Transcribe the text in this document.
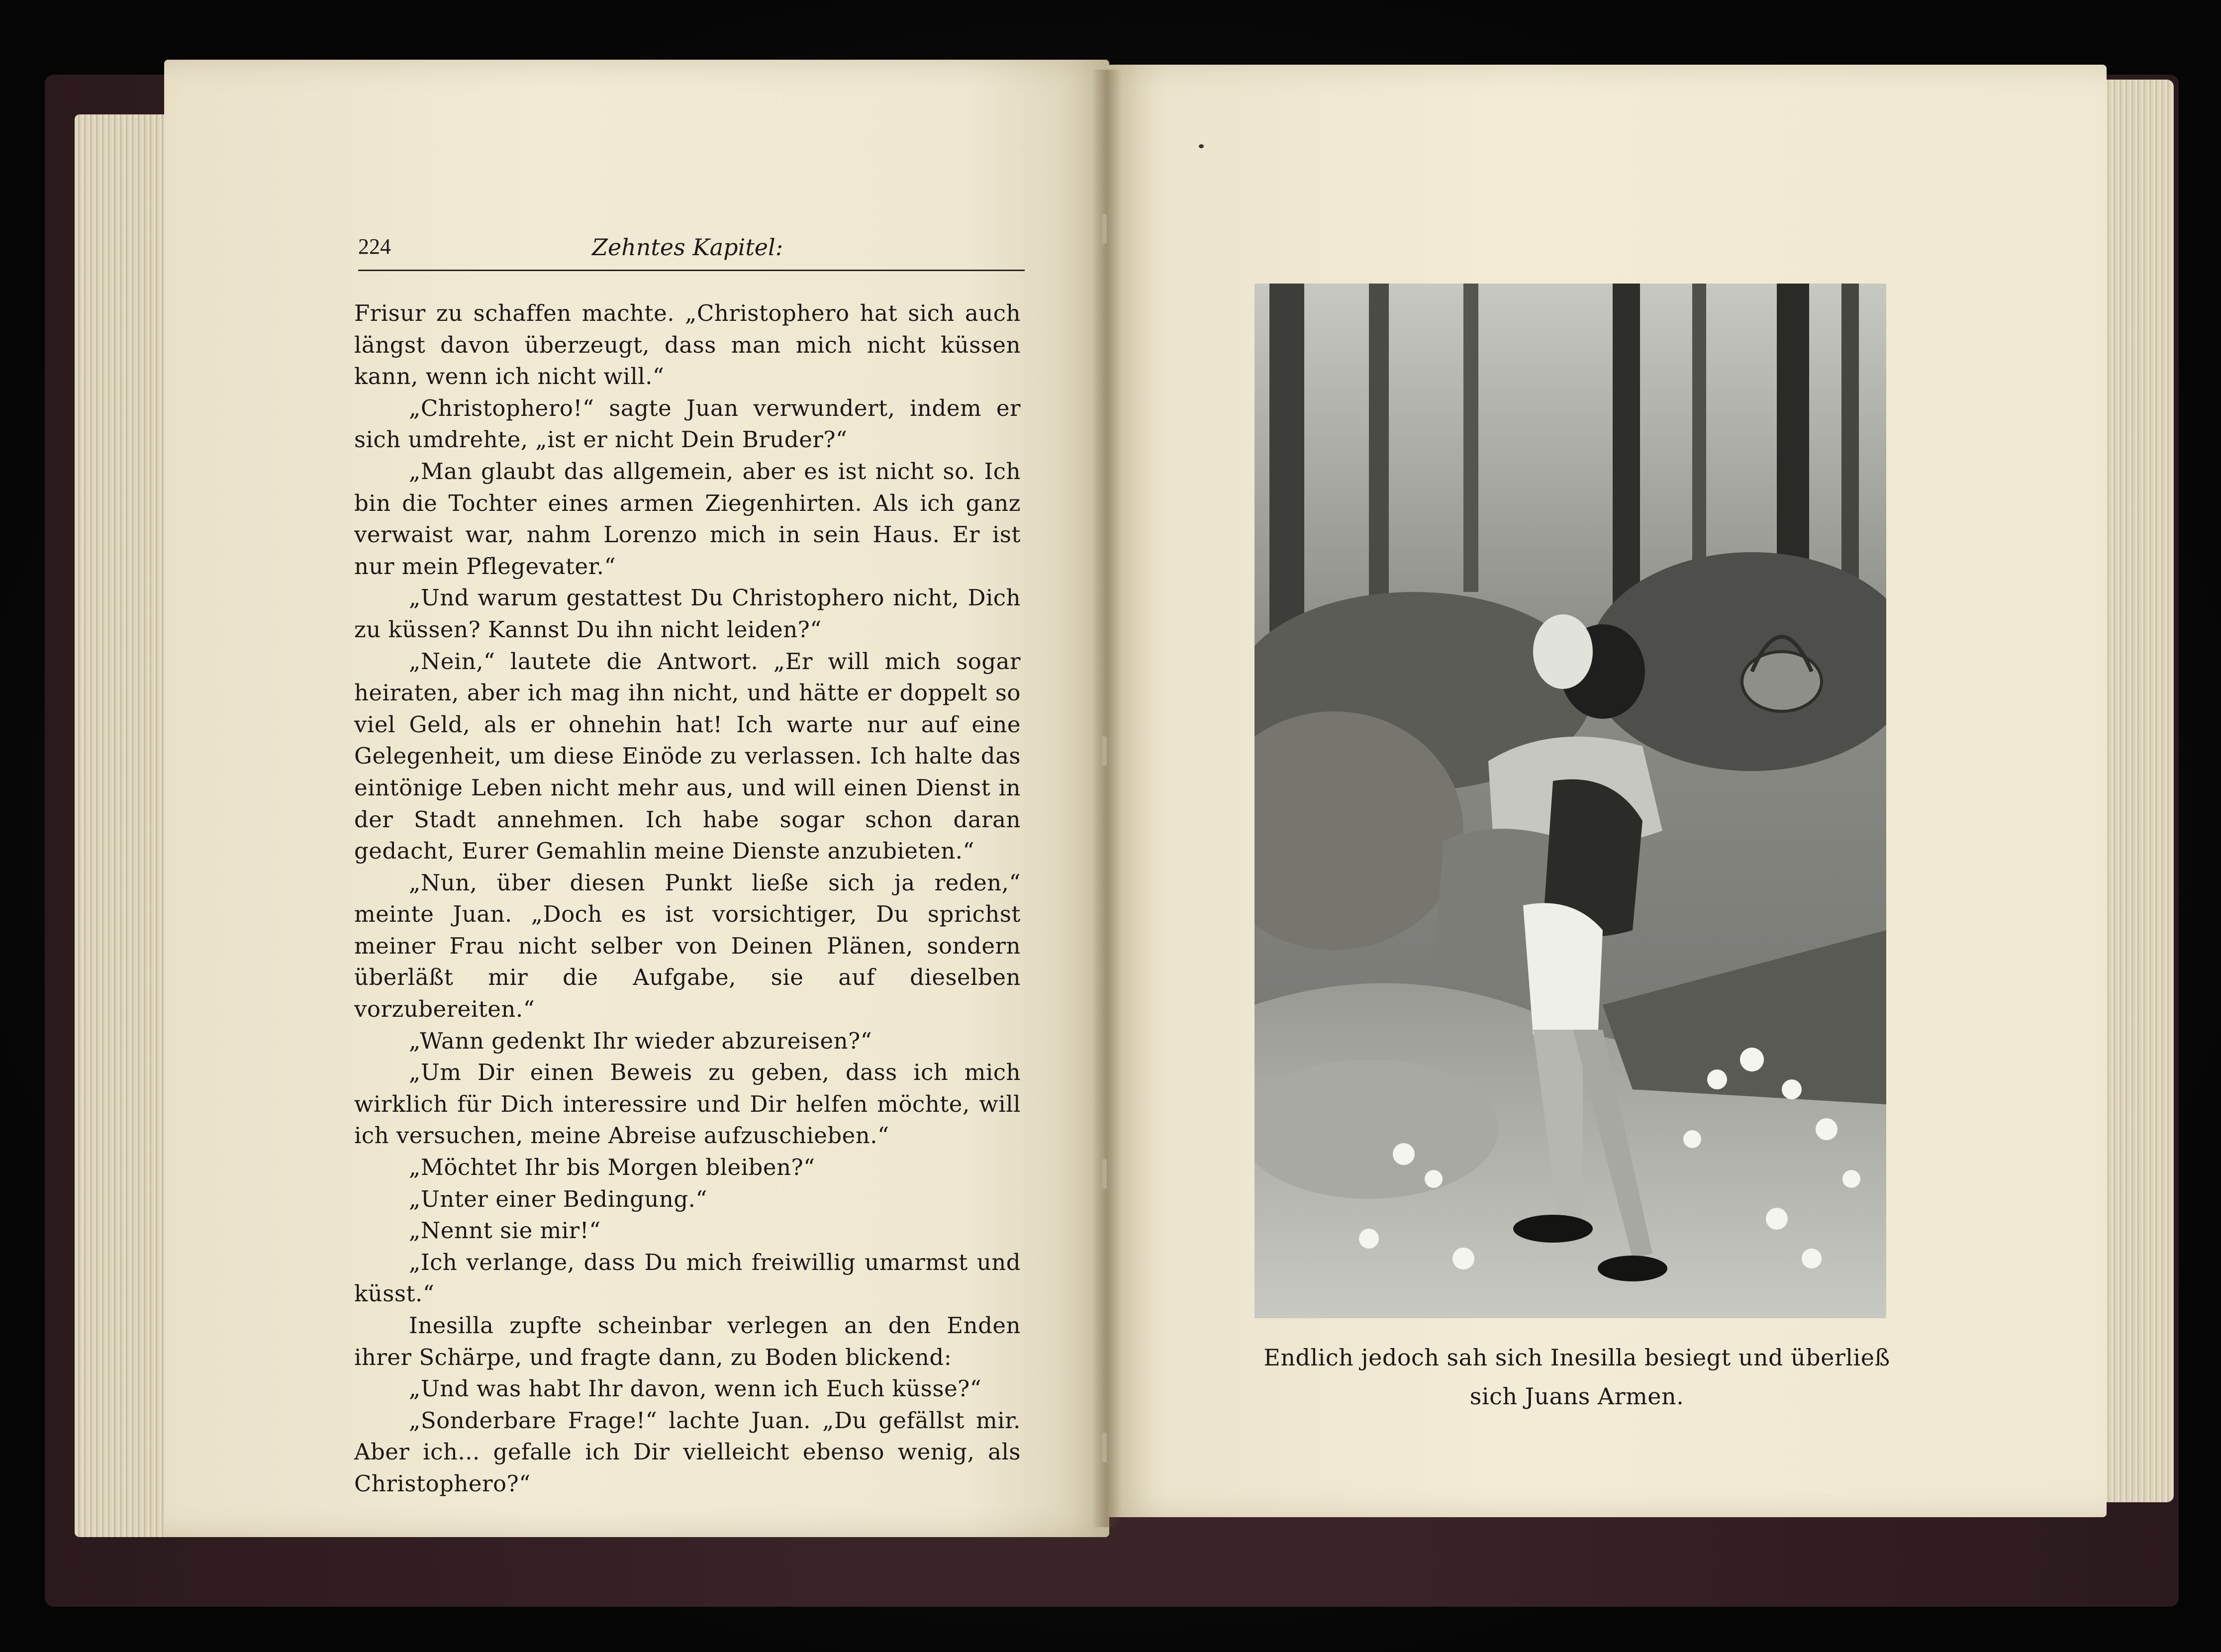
224	Zehntes Kapitel:

Frisur zu schaffen machte. „Christophero hat sich auch längst davon überzeugt, dass man mich nicht küssen kann, wenn ich nicht will.“

„Christophero!“ sagte Juan verwundert, indem er sich umdrehte, „ist er nicht Dein Bruder?“

„Man glaubt das allgemein, aber es ist nicht so. Ich bin die Tochter eines armen Ziegenhirten. Als ich ganz verwaist war, nahm Lorenzo mich in sein Haus. Er ist nur mein Pflegevater.“

„Und warum gestattest Du Christophero nicht, Dich zu küssen? Kannst Du ihn nicht leiden?“

„Nein,“ lautete die Antwort. „Er will mich sogar heiraten, aber ich mag ihn nicht, und hätte er doppelt so viel Geld, als er ohnehin hat! Ich warte nur auf eine Gelegenheit, um diese Einöde zu verlassen. Ich halte das eintönige Leben nicht mehr aus, und will einen Dienst in der Stadt annehmen. Ich habe sogar schon daran gedacht, Eurer Gemahlin meine Dienste anzubieten.“

„Nun, über diesen Punkt ließe sich ja reden,“ meinte Juan. „Doch es ist vorsichtiger, Du sprichst meiner Frau nicht selber von Deinen Plänen, sondern überläßt mir die Aufgabe, sie auf dieselben vorzubereiten.“

„Wann gedenkt Ihr wieder abzureisen?“

„Um Dir einen Beweis zu geben, dass ich mich wirklich für Dich interessire und Dir helfen möchte, will ich versuchen, meine Abreise aufzuschieben.“

„Möchtet Ihr bis Morgen bleiben?“

„Unter einer Bedingung.“

„Nennt sie mir!“

„Ich verlange, dass Du mich freiwillig umarmst und küsst.“

Inesilla zupfte scheinbar verlegen an den Enden ihrer Schärpe, und fragte dann, zu Boden blickend:

„Und was habt Ihr davon, wenn ich Euch küsse?“

„Sonderbare Frage!“ lachte Juan. „Du gefällst mir. Aber ich... gefalle ich Dir vielleicht ebenso wenig, als Christophero?“

Endlich jedoch sah sich Inesilla besiegt und überließ sich Juans Armen.
